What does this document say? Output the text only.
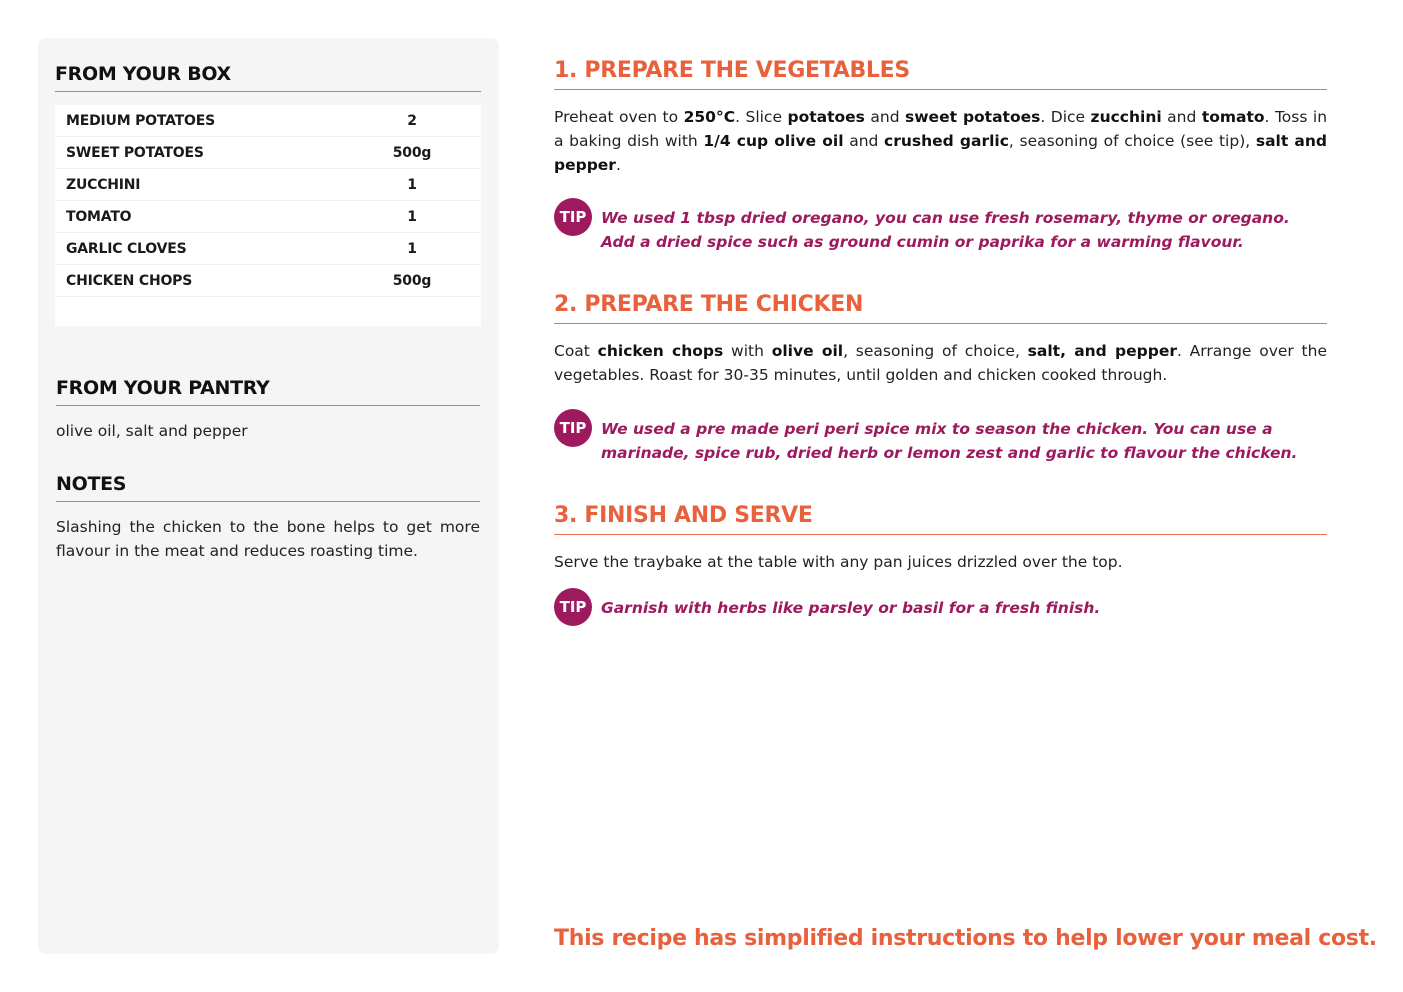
FROM YOUR BOX
MEDIUM POTATOES	2
SWEET POTATOES	500g
ZUCCHINI	1
TOMATO	1
GARLIC CLOVES	1
CHICKEN CHOPS	500g
FROM YOUR PANTRY
olive oil, salt and pepper
NOTES
Slashing the chicken to the bone helps to get more flavour in the meat and reduces roasting time.
1. PREPARE THE VEGETABLES
Preheat oven to 250°C. Slice potatoes and sweet potatoes. Dice zucchini and tomato. Toss in a baking dish with 1/4 cup olive oil and crushed garlic, seasoning of choice (see tip), salt and pepper.
TIP We used 1 tbsp dried oregano, you can use fresh rosemary, thyme or oregano. Add a dried spice such as ground cumin or paprika for a warming flavour.
2. PREPARE THE CHICKEN
Coat chicken chops with olive oil, seasoning of choice, salt, and pepper. Arrange over the vegetables. Roast for 30-35 minutes, until golden and chicken cooked through.
TIP We used a pre made peri peri spice mix to season the chicken. You can use a marinade, spice rub, dried herb or lemon zest and garlic to flavour the chicken.
3. FINISH AND SERVE
Serve the traybake at the table with any pan juices drizzled over the top.
TIP Garnish with herbs like parsley or basil for a fresh finish.
This recipe has simplified instructions to help lower your meal cost.
